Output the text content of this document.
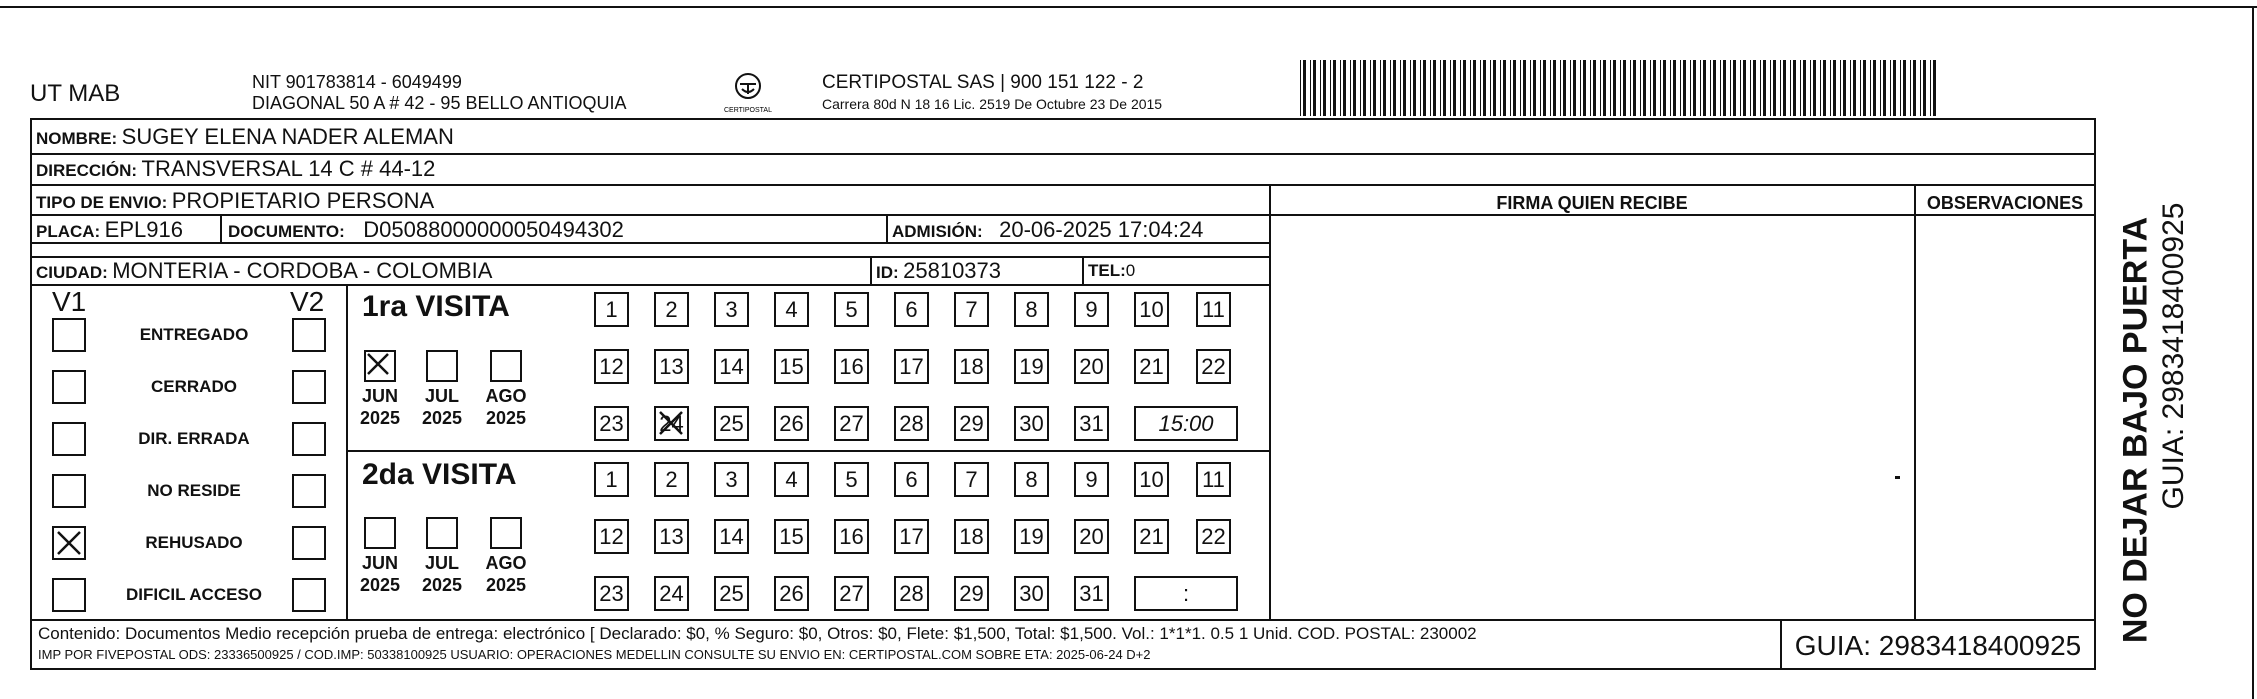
UT MAB	NIT 901783814 - 6049499
DIAGONAL 50 A # 42 - 95 BELLO ANTIOQUIA	CERTIPOSTAL
CERTIPOSTAL SAS | 900 151 122 - 2
Carrera 80d N 18 16 Lic. 2519 De Octubre 23 De 2015
NOMBRE: SUGEY ELENA NADER ALEMAN
DIRECCIÓN: TRANSVERSAL 14 C # 44-12
TIPO DE ENVIO: PROPIETARIO PERSONA
PLACA: EPL916	DOCUMENTO: D05088000000050494302	ADMISIÓN: 20-06-2025 17:04:24
CIUDAD: MONTERIA - CORDOBA - COLOMBIA	ID: 25810373	TEL:0
FIRMA QUIEN RECIBE	OBSERVACIONES
V1	V2
ENTREGADO
CERRADO
DIR. ERRADA
NO RESIDE
REHUSADO
DIFICIL ACCESO
1ra VISITA
2da VISITA
JUN
2025
JUL
2025
AGO
2025
JUN
2025
JUL
2025
AGO
2025
1 2 3 4 5 6 7 8 9 10 11
12 13 14 15 16 17 18 19 20 21 22
23 24 25 26 27 28 29 30 31	15:00
1 2 3 4 5 6 7 8 9 10 11
12 13 14 15 16 17 18 19 20 21 22
23 24 25 26 27 28 29 30 31	:
Contenido: Documentos Medio recepción prueba de entrega: electrónico [ Declarado: $0, % Seguro: $0, Otros: $0, Flete: $1,500, Total: $1,500. Vol.: 1*1*1. 0.5 1 Unid. COD. POSTAL: 230002
IMP POR FIVEPOSTAL ODS: 23336500925 / COD.IMP: 50338100925 USUARIO: OPERACIONES MEDELLIN CONSULTE SU ENVIO EN: CERTIPOSTAL.COM SOBRE ETA: 2025-06-24 D+2	GUIA: 2983418400925
NO DEJAR BAJO PUERTA GUIA: 2983418400925
